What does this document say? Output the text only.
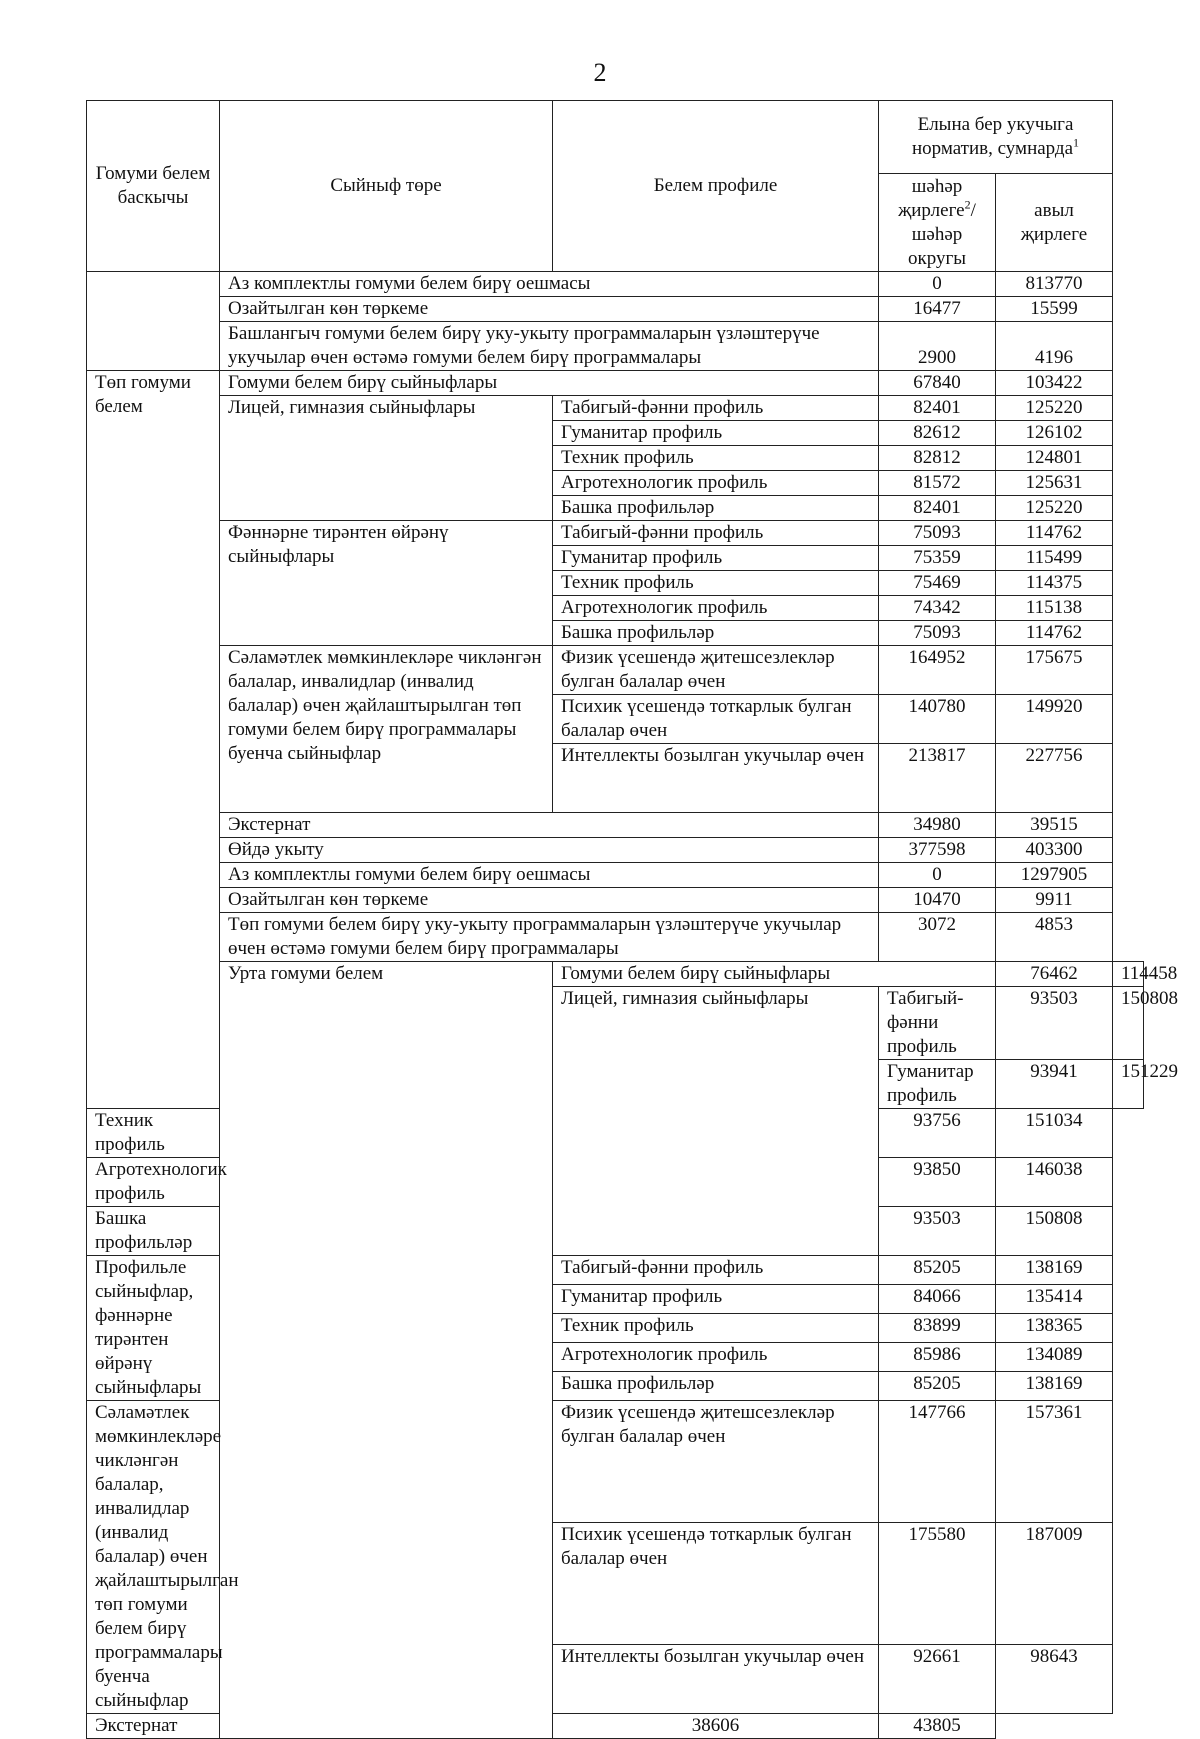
2
Гомуми белем баскычы	Сыйныф төре	Белем профиле	Елына бер укучыга норматив, сумнарда$^1$
			шәһәр җирлеге$^2$/ шәһәр округы	авыл җирлеге	
	Аз комплектлы гомуми белем бирү оешмасы		0	813770	
	Озайтылган көн төркеме		16477	15599	
	Башлангыч гомуми белем бирү уку-укыту программаларын үзләштерүче укучылар өчен өстәмә гомуми белем бирү программалары		2900	4196	
Төп гомуми белем	Гомуми белем бирү сыйныфлары		67840	103422	
	Лицей, гимназия сыйныфлары	Табигый-фәнни профиль	82401	125220	
		Гуманитар профиль	82612	126102	
		Техник профиль	82812	124801	
		Агротехнологик профиль	81572	125631	
		Башка профильләр	82401	125220	
	Фәннәрне тирәнтен өйрәнү сыйныфлары	Табигый-фәнни профиль	75093	114762	
		Гуманитар профиль	75359	115499	
		Техник профиль	75469	114375	
		Агротехнологик профиль	74342	115138	
		Башка профильләр	75093	114762	
	Сәламәтлек мөмкинлекләре чикләнгән балалар, инвалидлар (инвалид балалар) өчен җайлаштырылган төп гомуми белем бирү программалары буенча сыйныфлар	Физик үсешендә җитешсезлекләр булган балалар өчен	164952	175675	
		Психик үсешендә тоткарлык булган балалар өчен	140780	149920	
		Интеллекты бозылган укучылар өчен	213817	227756	
	Экстернат		34980	39515	
	Өйдә укыту		377598	403300	
	Аз комплектлы гомуми белем бирү оешмасы		0	1297905	
	Озайтылган көн төркеме		10470	9911	
	Төп гомуми белем бирү уку-укыту программаларын үзләштерүче укучылар өчен өстәмә гомуми белем бирү программалары		3072	4853	
	Урта гомуми белем	Гомуми белем бирү сыйныфлары		76462	114458
		Лицей, гимназия сыйныфлары	Табигый-фәнни профиль	93503	150808
			Гуманитар профиль	93941	151229
Техник профиль			93756	151034	
Агротехнологик профиль			93850	146038	
Башка профильләр			93503	150808	
Профильле сыйныфлар, фәннәрне тирәнтен өйрәнү сыйныфлары		Табигый-фәнни профиль	85205	138169	
		Гуманитар профиль	84066	135414	
		Техник профиль	83899	138365	
		Агротехнологик профиль	85986	134089	
		Башка профильләр	85205	138169	
Сәламәтлек мөмкинлекләре чикләнгән балалар, инвалидлар (инвалид балалар) өчен җайлаштырылган төп гомуми белем бирү программалары буенча сыйныфлар		Физик үсешендә җитешсезлекләр булган балалар өчен	147766	157361	
		Психик үсешендә тоткарлык булган балалар өчен	175580	187009	
		Интеллекты бозылган укучылар өчен	92661	98643	
Экстернат		38606	43805		
